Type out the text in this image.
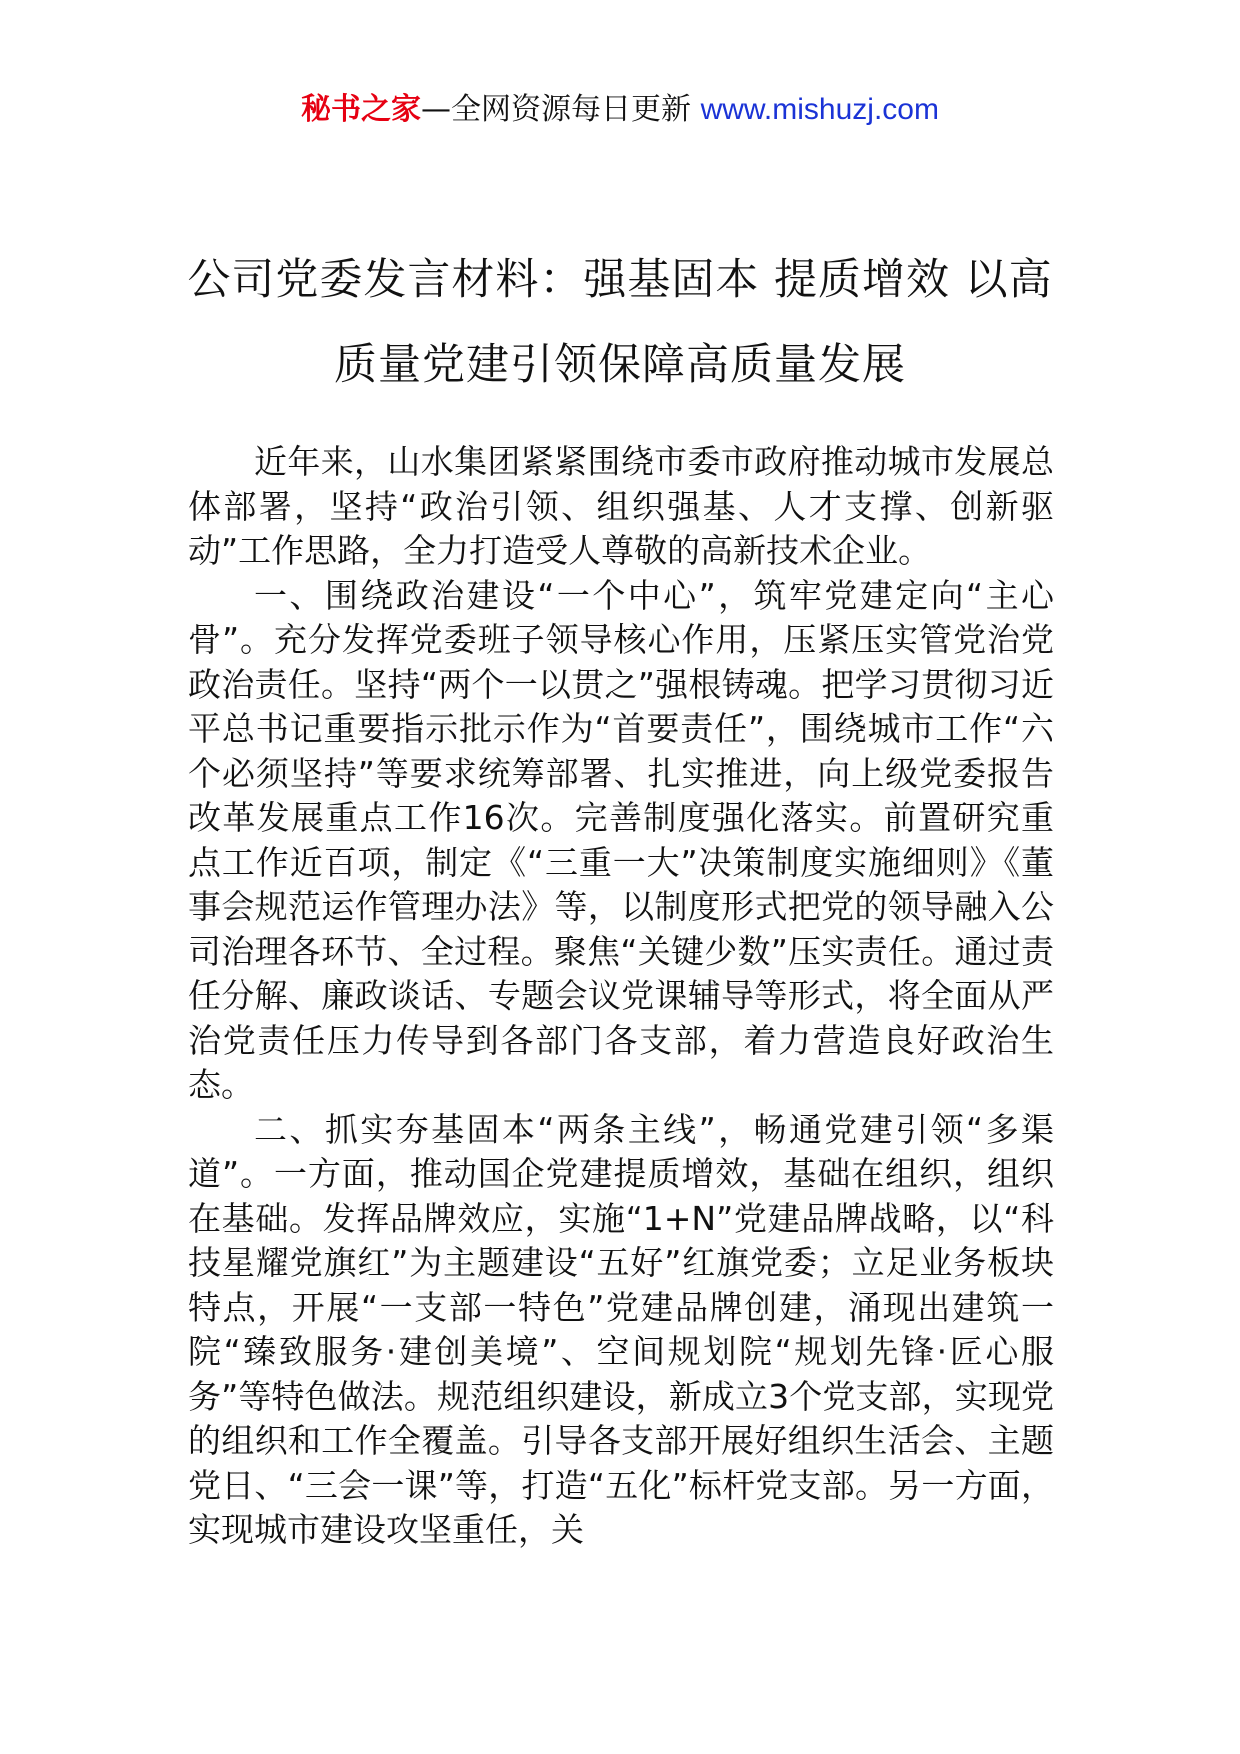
秘书之家—全网资源每日更新 www.mishuzj.com
公司党委发言材料：强基固本 提质增效 以高质量党建引领保障高质量发展

近年来，山水集团紧紧围绕市委市政府推动城市发展总体部署，坚持“政治引领、组织强基、人才支撑、创新驱动”工作思路，全力打造受人尊敬的高新技术企业。

一、围绕政治建设“一个中心”，筑牢党建定向“主心骨”。充分发挥党委班子领导核心作用，压紧压实管党治党政治责任。坚持“两个一以贯之”强根铸魂。把学习贯彻习近平总书记重要指示批示作为“首要责任”，围绕城市工作“六个必须坚持”等要求统筹部署、扎实推进，向上级党委报告改革发展重点工作16次。完善制度强化落实。前置研究重点工作近百项，制定《“三重一大”决策制度实施细则》《董事会规范运作管理办法》等，以制度形式把党的领导融入公司治理各环节、全过程。聚焦“关键少数”压实责任。通过责任分解、廉政谈话、专题会议党课辅导等形式，将全面从严治党责任压力传导到各部门各支部，着力营造良好政治生态。

二、抓实夯基固本“两条主线”，畅通党建引领“多渠道”。一方面，推动国企党建提质增效，基础在组织，组织在基础。发挥品牌效应，实施“1+N”党建品牌战略，以“科技星耀党旗红”为主题建设“五好”红旗党委；立足业务板块特点，开展“一支部一特色”党建品牌创建，涌现出建筑一院“臻致服务·建创美境”、空间规划院“规划先锋·匠心服务”等特色做法。规范组织建设，新成立3个党支部，实现党的组织和工作全覆盖。引导各支部开展好组织生活会、主题党日、“三会一课”等，打造“五化”标杆党支部。另一方面，实现城市建设攻坚重任，关
